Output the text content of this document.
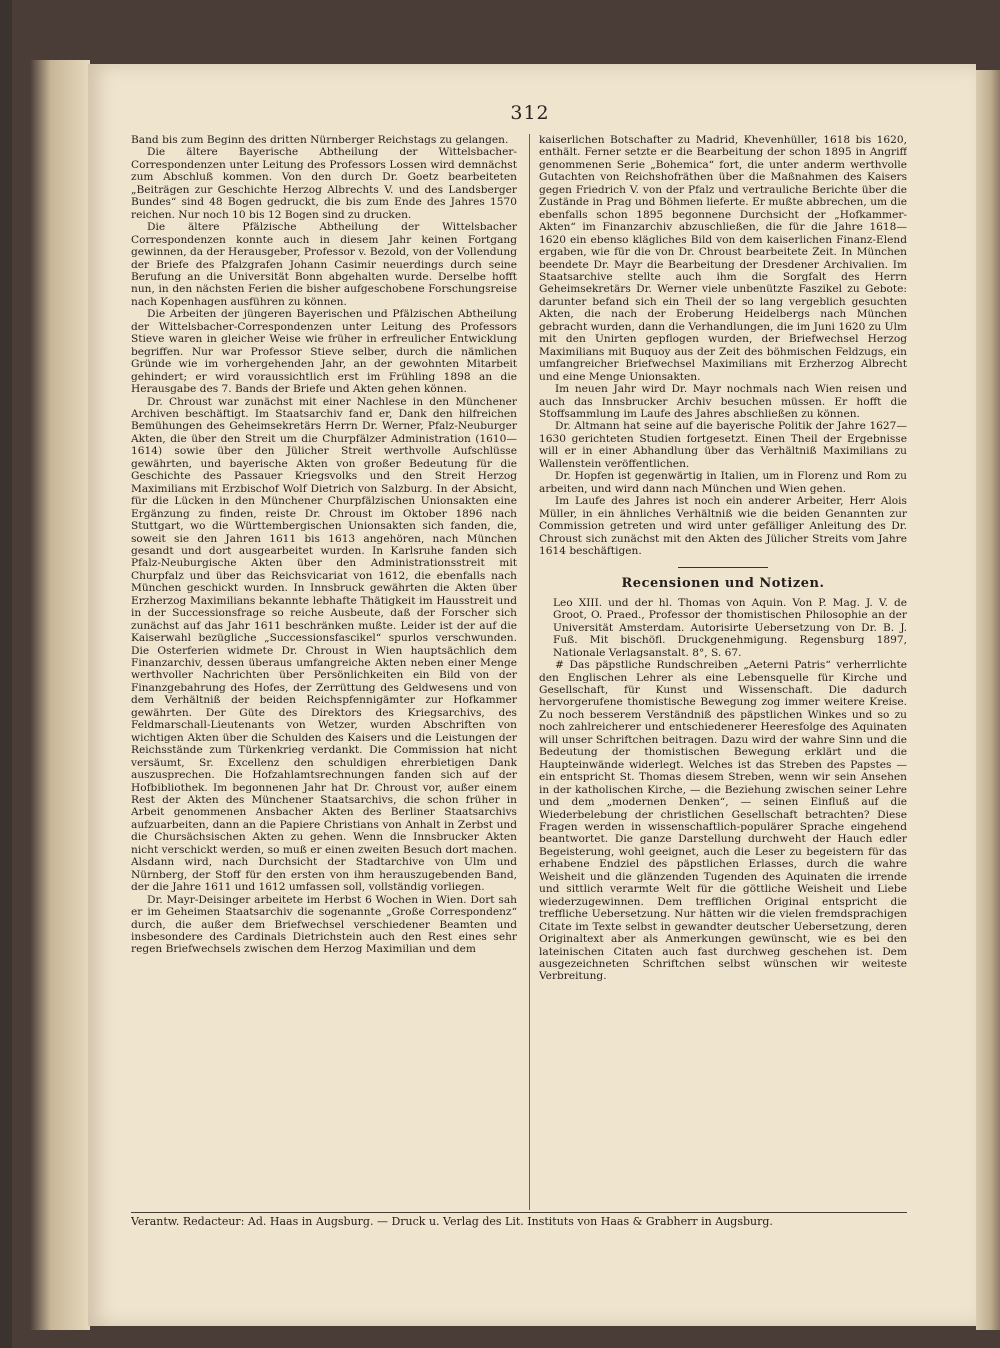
312

Band bis zum Beginn des dritten Nürnberger Reichstags zu gelangen.

Die ältere Bayerische Abtheilung der Wittelsbacher-Correspondenzen unter Leitung des Professors Lossen wird demnächst zum Abschluß kommen. Von den durch Dr. Goetz bearbeiteten „Beiträgen zur Geschichte Herzog Albrechts V. und des Landsberger Bundes“ sind 48 Bogen gedruckt, die bis zum Ende des Jahres 1570 reichen. Nur noch 10 bis 12 Bogen sind zu drucken.

Die ältere Pfälzische Abtheilung der Wittelsbacher Correspondenzen konnte auch in diesem Jahr keinen Fortgang gewinnen, da der Herausgeber, Professor v. Bezold, von der Vollendung der Briefe des Pfalzgrafen Johann Casimir neuerdings durch seine Berufung an die Universität Bonn abgehalten wurde. Derselbe hofft nun, in den nächsten Ferien die bisher aufgeschobene Forschungsreise nach Kopenhagen ausführen zu können.

Die Arbeiten der jüngeren Bayerischen und Pfälzischen Abtheilung der Wittelsbacher-Correspondenzen unter Leitung des Professors Stieve waren in gleicher Weise wie früher in erfreulicher Entwicklung begriffen. Nur war Professor Stieve selber, durch die nämlichen Gründe wie im vorhergehenden Jahr, an der gewohnten Mitarbeit gehindert; er wird voraussichtlich erst im Frühling 1898 an die Herausgabe des 7. Bands der Briefe und Akten gehen können.

Dr. Chroust war zunächst mit einer Nachlese in den Münchener Archiven beschäftigt. Im Staatsarchiv fand er, Dank den hilfreichen Bemühungen des Geheimsekretärs Herrn Dr. Werner, Pfalz-Neuburger Akten, die über den Streit um die Churpfälzer Administration (1610—1614) sowie über den Jülicher Streit werthvolle Aufschlüsse gewährten, und bayerische Akten von großer Bedeutung für die Geschichte des Passauer Kriegsvolks und den Streit Herzog Maximilians mit Erzbischof Wolf Dietrich von Salzburg. In der Absicht, für die Lücken in den Münchener Churpfälzischen Unionsakten eine Ergänzung zu finden, reiste Dr. Chroust im Oktober 1896 nach Stuttgart, wo die Württembergischen Unionsakten sich fanden, die, soweit sie den Jahren 1611 bis 1613 angehören, nach München gesandt und dort ausgearbeitet wurden. In Karlsruhe fanden sich Pfalz-Neuburgische Akten über den Administrationsstreit mit Churpfalz und über das Reichsvicariat von 1612, die ebenfalls nach München geschickt wurden. In Innsbruck gewährten die Akten über Erzherzog Maximilians bekannte lebhafte Thätigkeit im Hausstreit und in der Successionsfrage so reiche Ausbeute, daß der Forscher sich zunächst auf das Jahr 1611 beschränken mußte. Leider ist der auf die Kaiserwahl bezügliche „Successionsfascikel“ spurlos verschwunden. Die Osterferien widmete Dr. Chroust in Wien hauptsächlich dem Finanzarchiv, dessen überaus umfangreiche Akten neben einer Menge werthvoller Nachrichten über Persönlichkeiten ein Bild von der Finanzgebahrung des Hofes, der Zerrüttung des Geldwesens und von dem Verhältniß der beiden Reichspfennigämter zur Hofkammer gewährten. Der Güte des Direktors des Kriegsarchivs, des Feldmarschall-Lieutenants von Wetzer, wurden Abschriften von wichtigen Akten über die Schulden des Kaisers und die Leistungen der Reichsstände zum Türkenkrieg verdankt. Die Commission hat nicht versäumt, Sr. Excellenz den schuldigen ehrerbietigen Dank auszusprechen. Die Hofzahlamtsrechnungen fanden sich auf der Hofbibliothek. Im begonnenen Jahr hat Dr. Chroust vor, außer einem Rest der Akten des Münchener Staatsarchivs, die schon früher in Arbeit genommenen Ansbacher Akten des Berliner Staatsarchivs aufzuarbeiten, dann an die Papiere Christians von Anhalt in Zerbst und die Chursächsischen Akten zu gehen. Wenn die Innsbrucker Akten nicht verschickt werden, so muß er einen zweiten Besuch dort machen. Alsdann wird, nach Durchsicht der Stadtarchive von Ulm und Nürnberg, der Stoff für den ersten von ihm herauszugebenden Band, der die Jahre 1611 und 1612 umfassen soll, vollständig vorliegen.

Dr. Mayr-Deisinger arbeitete im Herbst 6 Wochen in Wien. Dort sah er im Geheimen Staatsarchiv die sogenannte „Große Correspondenz“ durch, die außer dem Briefwechsel verschiedener Beamten und insbesondere des Cardinals Dietrichstein auch den Rest eines sehr regen Briefwechsels zwischen dem Herzog Maximilian und dem

kaiserlichen Botschafter zu Madrid, Khevenhüller, 1618 bis 1620, enthält. Ferner setzte er die Bearbeitung der schon 1895 in Angriff genommenen Serie „Bohemica“ fort, die unter anderm werthvolle Gutachten von Reichshofräthen über die Maßnahmen des Kaisers gegen Friedrich V. von der Pfalz und vertrauliche Berichte über die Zustände in Prag und Böhmen lieferte. Er mußte abbrechen, um die ebenfalls schon 1895 begonnene Durchsicht der „Hofkammer-Akten“ im Finanzarchiv abzuschließen, die für die Jahre 1618—1620 ein ebenso klägliches Bild von dem kaiserlichen Finanz-Elend ergaben, wie für die von Dr. Chroust bearbeitete Zeit. In München beendete Dr. Mayr die Bearbeitung der Dresdener Archivalien. Im Staatsarchive stellte auch ihm die Sorgfalt des Herrn Geheimsekretärs Dr. Werner viele unbenützte Faszikel zu Gebote: darunter befand sich ein Theil der so lang vergeblich gesuchten Akten, die nach der Eroberung Heidelbergs nach München gebracht wurden, dann die Verhandlungen, die im Juni 1620 zu Ulm mit den Unirten gepflogen wurden, der Briefwechsel Herzog Maximilians mit Buquoy aus der Zeit des böhmischen Feldzugs, ein umfangreicher Briefwechsel Maximilians mit Erzherzog Albrecht und eine Menge Unionsakten.

Im neuen Jahr wird Dr. Mayr nochmals nach Wien reisen und auch das Innsbrucker Archiv besuchen müssen. Er hofft die Stoffsammlung im Laufe des Jahres abschließen zu können.

Dr. Altmann hat seine auf die bayerische Politik der Jahre 1627—1630 gerichteten Studien fortgesetzt. Einen Theil der Ergebnisse will er in einer Abhandlung über das Verhältniß Maximilians zu Wallenstein veröffentlichen.

Dr. Hopfen ist gegenwärtig in Italien, um in Florenz und Rom zu arbeiten, und wird dann nach München und Wien gehen.

Im Laufe des Jahres ist noch ein anderer Arbeiter, Herr Alois Müller, in ein ähnliches Verhältniß wie die beiden Genannten zur Commission getreten und wird unter gefälliger Anleitung des Dr. Chroust sich zunächst mit den Akten des Jülicher Streits vom Jahre 1614 beschäftigen.

Recensionen und Notizen.

Leo XIII. und der hl. Thomas von Aquin. Von P. Mag. J. V. de Groot, O. Praed., Professor der thomistischen Philosophie an der Universität Amsterdam. Autorisirte Uebersetzung von Dr. B. J. Fuß. Mit bischöfl. Druckgenehmigung. Regensburg 1897, Nationale Verlagsanstalt. 8°, S. 67.

# Das päpstliche Rundschreiben „Aeterni Patris“ verherrlichte den Englischen Lehrer als eine Lebensquelle für Kirche und Gesellschaft, für Kunst und Wissenschaft. Die dadurch hervorgerufene thomistische Bewegung zog immer weitere Kreise. Zu noch besserem Verständniß des päpstlichen Winkes und so zu noch zahlreicherer und entschiedenerer Heeresfolge des Aquinaten will unser Schriftchen beitragen. Dazu wird der wahre Sinn und die Bedeutung der thomistischen Bewegung erklärt und die Haupteinwände widerlegt. Welches ist das Streben des Papstes — ein entspricht St. Thomas diesem Streben, wenn wir sein Ansehen in der katholischen Kirche, — die Beziehung zwischen seiner Lehre und dem „modernen Denken“, — seinen Einfluß auf die Wiederbelebung der christlichen Gesellschaft betrachten? Diese Fragen werden in wissenschaftlich-populärer Sprache eingehend beantwortet. Die ganze Darstellung durchweht der Hauch edler Begeisterung, wohl geeignet, auch die Leser zu begeistern für das erhabene Endziel des päpstlichen Erlasses, durch die wahre Weisheit und die glänzenden Tugenden des Aquinaten die irrende und sittlich verarmte Welt für die göttliche Weisheit und Liebe wiederzugewinnen. Dem trefflichen Original entspricht die treffliche Uebersetzung. Nur hätten wir die vielen fremdsprachigen Citate im Texte selbst in gewandter deutscher Uebersetzung, deren Originaltext aber als Anmerkungen gewünscht, wie es bei den lateinischen Citaten auch fast durchweg geschehen ist. Dem ausgezeichneten Schriftchen selbst wünschen wir weiteste Verbreitung.

Verantw. Redacteur: Ad. Haas in Augsburg. — Druck u. Verlag des Lit. Instituts von Haas & Grabherr in Augsburg.
